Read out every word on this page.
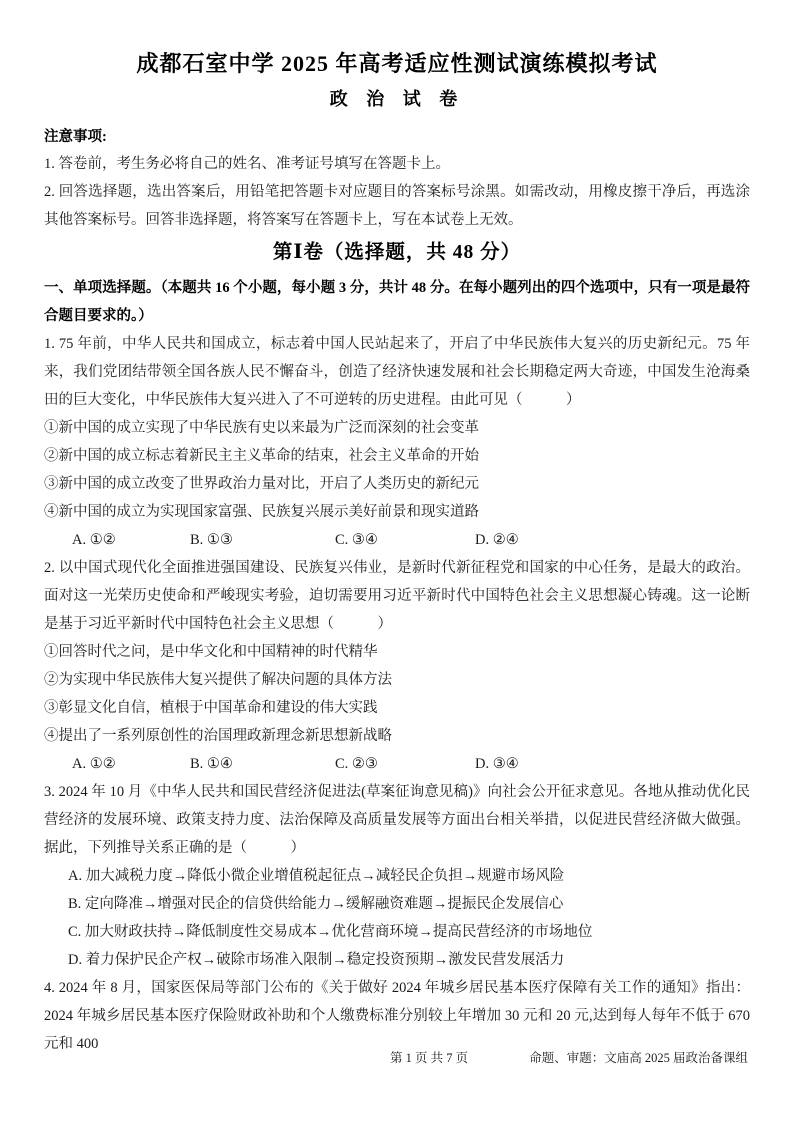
成都石室中学 2025 年高考适应性测试演练模拟考试
政 治 试 卷

注意事项:

1. 答卷前，考生务必将自己的姓名、准考证号填写在答题卡上。

2. 回答选择题，选出答案后，用铅笔把答题卡对应题目的答案标号涂黑。如需改动，用橡皮擦干净后，再选涂其他答案标号。回答非选择题，将答案写在答题卡上，写在本试卷上无效。

第Ⅰ卷（选择题，共 48 分）

一、单项选择题。（本题共 16 个小题，每小题 3 分，共计 48 分。在每小题列出的四个选项中，只有一项是最符合题目要求的。）

1. 75 年前，中华人民共和国成立，标志着中国人民站起来了，开启了中华民族伟大复兴的历史新纪元。75 年来，我们党团结带领全国各族人民不懈奋斗，创造了经济快速发展和社会长期稳定两大奇迹，中国发生沧海桑田的巨大变化，中华民族伟大复兴进入了不可逆转的历史进程。由此可见（　　　）

①新中国的成立实现了中华民族有史以来最为广泛而深刻的社会变革

②新中国的成立标志着新民主主义革命的结束，社会主义革命的开始

③新中国的成立改变了世界政治力量对比，开启了人类历史的新纪元

④新中国的成立为实现国家富强、民族复兴展示美好前景和现实道路

A. ①②	B. ①③	C. ③④	D. ②④

2. 以中国式现代化全面推进强国建设、民族复兴伟业，是新时代新征程党和国家的中心任务，是最大的政治。面对这一光荣历史使命和严峻现实考验，迫切需要用习近平新时代中国特色社会主义思想凝心铸魂。这一论断是基于习近平新时代中国特色社会主义思想（　　　）

①回答时代之问，是中华文化和中国精神的时代精华

②为实现中华民族伟大复兴提供了解决问题的具体方法

③彰显文化自信，植根于中国革命和建设的伟大实践

④提出了一系列原创性的治国理政新理念新思想新战略

A. ①②	B. ①④	C. ②③	D. ③④

3. 2024 年 10 月《中华人民共和国民营经济促进法(草案征询意见稿)》向社会公开征求意见。各地从推动优化民营经济的发展环境、政策支持力度、法治保障及高质量发展等方面出台相关举措，以促进民营经济做大做强。据此，下列推导关系正确的是（　　　）

A. 加大减税力度→降低小微企业增值税起征点→减轻民企负担→规避市场风险

B. 定向降准→增强对民企的信贷供给能力→缓解融资难题→提振民企发展信心

C. 加大财政扶持→降低制度性交易成本→优化营商环境→提高民营经济的市场地位

D. 着力保护民企产权→破除市场准入限制→稳定投资预期→激发民营发展活力

4. 2024 年 8 月，国家医保局等部门公布的《关于做好 2024 年城乡居民基本医疗保障有关工作的通知》指出：2024 年城乡居民基本医疗保险财政补助和个人缴费标准分别较上年增加 30 元和 20 元,达到每人每年不低于 670 元和 400

第 1 页 共 7 页	命题、审题：文庙高 2025 届政治备课组
